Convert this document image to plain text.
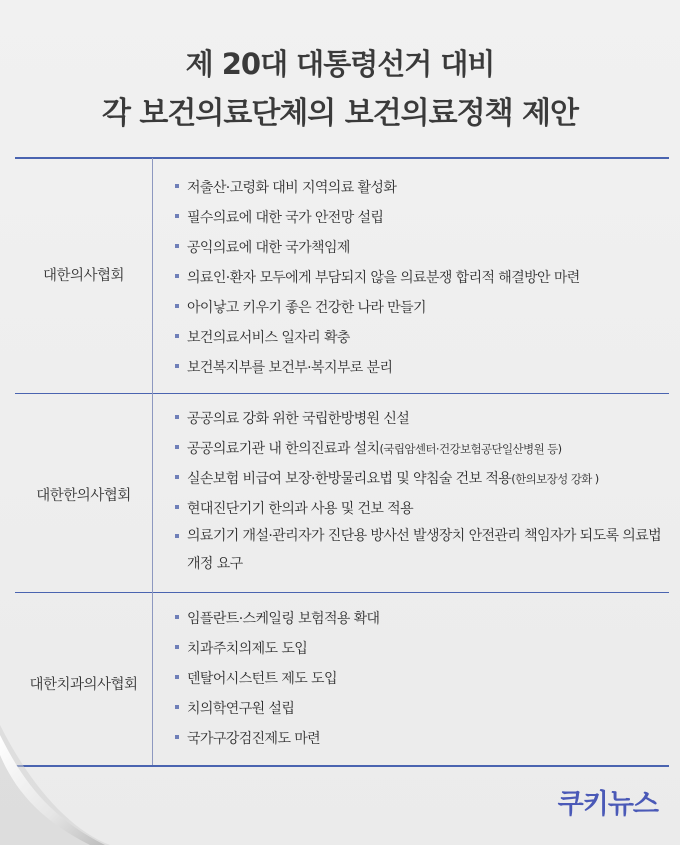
제 20대 대통령선거 대비
각 보건의료단체의 보건의료정책 제안
대한의사협회
저출산·고령화 대비 지역의료 활성화
필수의료에 대한 국가 안전망 설립
공익의료에 대한 국가책임제
의료인·환자 모두에게 부담되지 않을 의료분쟁 합리적 해결방안 마련
아이낳고 키우기 좋은 건강한 나라 만들기
보건의료서비스 일자리 확충
보건복지부를 보건부·복지부로 분리
대한한의사협회
공공의료 강화 위한 국립한방병원 신설
공공의료기관 내 한의진료과 설치(국립암센터·건강보험공단일산병원 등)
실손보험 비급여 보장·한방물리요법 및 약침술 건보 적용(한의보장성 강화 )
현대진단기기 한의과 사용 및 건보 적용
의료기기 개설·관리자가 진단용 방사선 발생장치 안전관리 책임자가 되도록 의료법 개정 요구
대한치과의사협회
임플란트·스케일링 보험적용 확대
치과주치의제도 도입
덴탈어시스턴트 제도 도입
치의학연구원 설립
국가구강검진제도 마련
쿠키뉴스
